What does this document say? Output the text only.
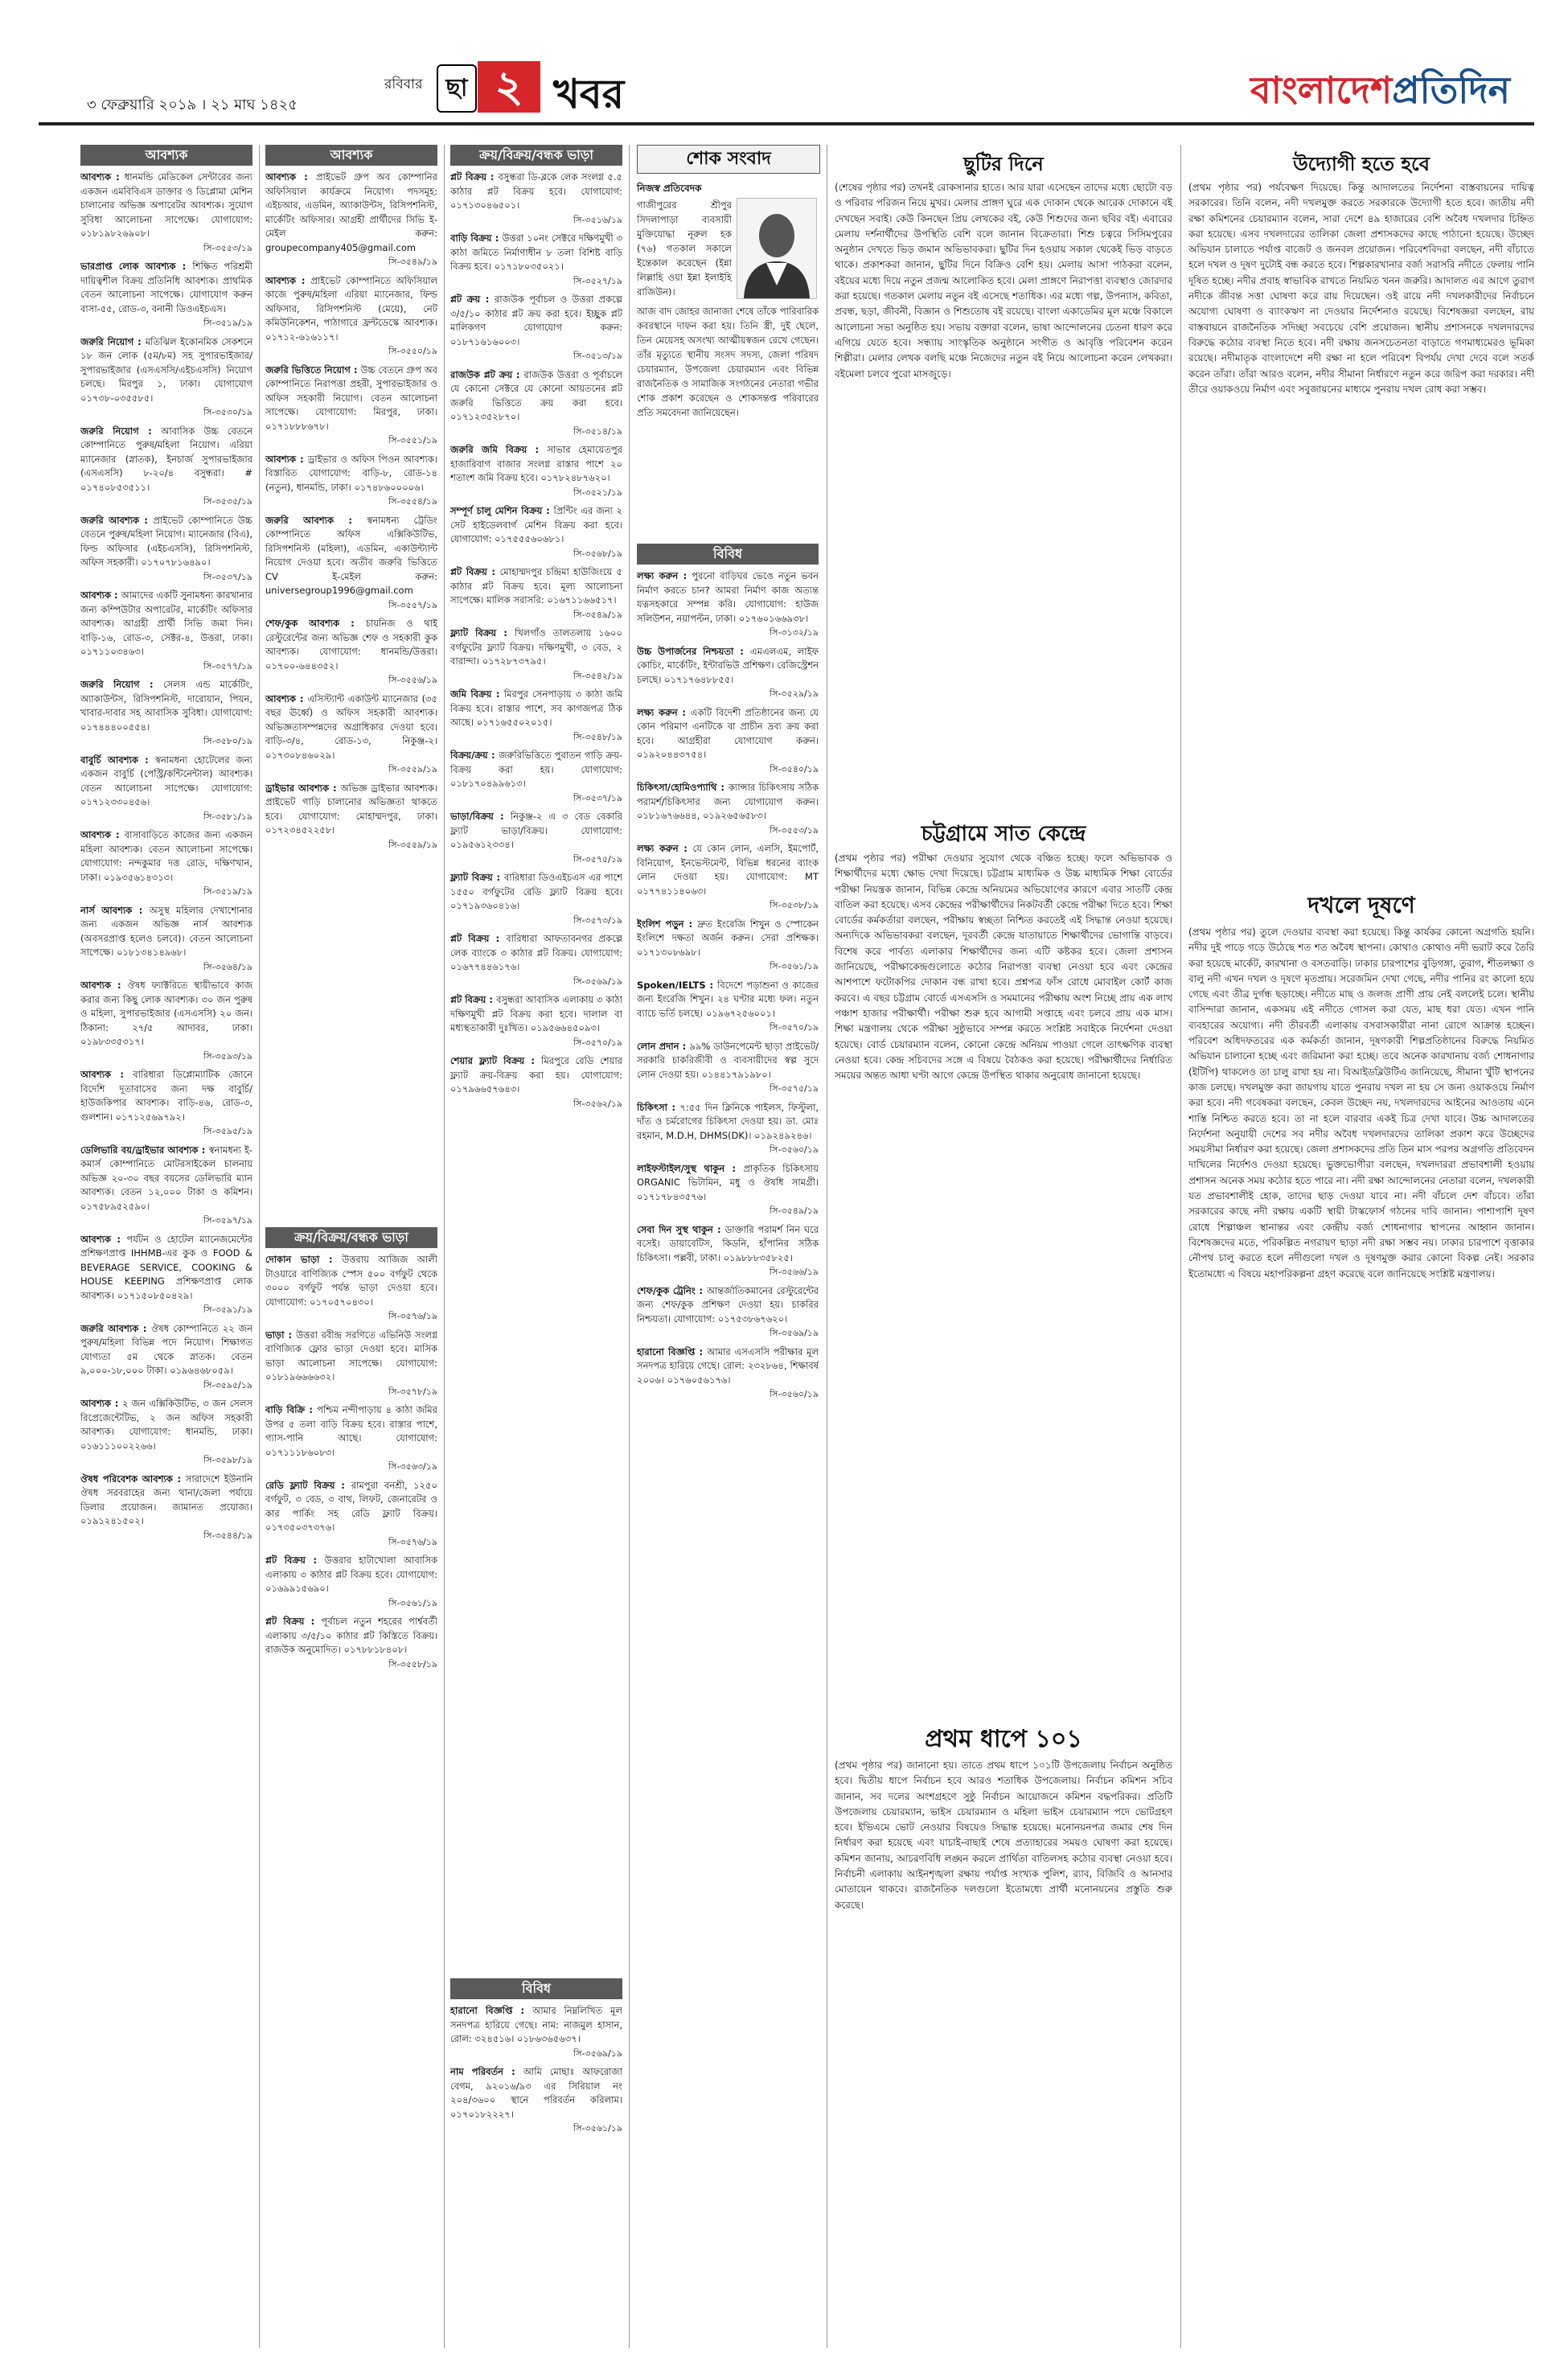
৩ ফেব্রুয়ারি ২০১৯ । ২১ মাঘ ১৪২৫
রবিবার ছা ২ খবর	বাংলাদেশপ্রতিদিন
আবশ্যক
আবশ্যক : ধানমন্ডি মেডিকেল সেন্টারের জন্য একজন এমবিবিএস ডাক্তার ও ডিপ্লোমা মেশিন চালানোর অভিজ্ঞ অপারেটর আবশ্যক। সুযোগ সুবিধা আলোচনা সাপেক্ষে। যোগাযোগ: ০১৮১৯৮২৬৯০৮।
সি-৩৫৫৩/১৯
ভারপ্রাপ্ত লোক আবশ্যক : শিক্ষিত পরিশ্রমী দায়িত্বশীল বিক্রয় প্রতিনিধি আবশ্যক। প্রাথমিক বেতন আলোচনা সাপেক্ষে। যোগাযোগ করুন বাসা-৫৫, রোড-৩, বনানী ডিওএইচএস।
সি-৩৫১৯/১৯
জরুরি নিয়োগ : মতিঝিল ইকোনমিক সেকশনে ১৮ জন লোক (৫ম/৮ম) সহ সুপারভাইজার/সুপারভাইজার (এসএসসি/এইচএসসি) নিয়োগ চলছে। মিরপুর ১, ঢাকা। যোগাযোগ ০১৭৩৮-০৩৫৫৮৫।
সি-৩৫৩০/১৯
জরুরি নিয়োগ : আবাসিক উচ্চ বেতনে কোম্পানিতে পুরুষ/মহিলা নিয়োগ। এরিয়া ম্যানেজার (স্নাতক), ইনচার্জ সুপারভাইজার (এসএসসি) ৮-২০/৪ বসুন্ধরা। # ০১৭৪০৮৫৩৫১১।
সি-৩৫৩৫/১৯
জরুরি আবশ্যক : প্রাইভেট কোম্পানিতে উচ্চ বেতনে পুরুষ/মহিলা নিয়োগ। ম্যানেজার (বিএ), ফিল্ড অফিসার (এইচএসসি), রিসিপশনিস্ট, অফিস সহকারী। ০১৭০৭৮১৬৪৯০।
সি-৩৫৩৭/১৯
আবশ্যক : আমাদের একটি সুনামধন্য কারখানার জন্য কম্পিউটার অপারেটর, মার্কেটিং অফিসার আবশ্যক। আগ্রহী প্রার্থী সিভি জমা দিন। বাড়ি-১৬, রোড-৩, সেক্টর-৪, উত্তরা, ঢাকা। ০১৭১১০৩৪৬৩।
সি-৩৫৭৭/১৯
জরুরি নিয়োগ : সেলস এন্ড মার্কেটিং, অ্যাকাউন্টস, রিসিপশনিস্ট, দারোয়ান, পিয়ন, খাবার-দাবার সহ আবাসিক সুবিধা। যোগাযোগ: ০১৭৪৪৪০০৫৫৪।
সি-৩৫৮০/১৯
বাবুর্চি আবশ্যক : স্বনামধন্য হোটেলের জন্য একজন বাবুর্চি (পেস্ট্রি/কন্টিনেন্টাল) আবশ্যক। বেতন আলোচনা সাপেক্ষে। যোগাযোগ: ০১৭১২৩৩০৪৫৬।
সি-৩৫৮১/১৯
আবশ্যক : বাসাবাড়িতে কাজের জন্য একজন মহিলা আবশ্যক। বেতন আলোচনা সাপেক্ষে। যোগাযোগ: নন্দকুমার দত্ত রোড, দক্ষিণখান, ঢাকা। ০১৯৩৫৬১৪৩১৩।
সি-৩৫১৯/১৯
নার্স আবশ্যক : অসুস্থ মহিলার দেখাশোনার জন্য একজন অভিজ্ঞ নার্স আবশ্যক (অবসরপ্রাপ্ত হলেও চলবে)। বেতন আলোচনা সাপেক্ষে। ০১৮১৩৪১৪৯৬৮।
সি-৩৫৬৪/১৯
আবশ্যক : ঔষধ ফ্যাক্টরিতে স্থায়ীভাবে কাজ করার জন্য কিছু লোক আবশ্যক। ৩০ জন পুরুষ ও মহিলা, সুপারভাইজার (এসএসসি) ২০ জন। ঠিকানা: ২৭/৫ আদাবর, ঢাকা। ০১৯৮৩৩৫৩১৭।
সি-৩৫৯৩/১৯
আবশ্যক : বারিধারা ডিপ্লোম্যাটিক জোনে বিদেশি দূতাবাসের জন্য দক্ষ বাবুর্চি/হাউজকিপার আবশ্যক। বাড়ি-৪৬, রোড-৩, গুলশান। ০১৭১২৫৬৯৭৯২।
সি-৩৫৯৫/১৯
ডেলিভারি বয়/ড্রাইভার আবশ্যক : স্বনামধন্য ই-কমার্স কোম্পানিতে মোটরসাইকেল চালনায় অভিজ্ঞ ২০-৩০ বছর বয়সের ডেলিভারি ম্যান আবশ্যক। বেতন ১২,০০০ টাকা ও কমিশন। ০১৭৫৮৯৫২৫৯০।
সি-৩৫৯৭/১৯
আবশ্যক : পর্যটন ও হোটেল ম্যানেজমেন্টের প্রশিক্ষণপ্রাপ্ত IHHMB-এর কুক ও FOOD & BEVERAGE SERVICE, COOKING & HOUSE KEEPING প্রশিক্ষণপ্রাপ্ত লোক আবশ্যক। ০১৭১৫০৮৫০৪২৯।
সি-৩৫৯১/১৯
জরুরি আবশ্যক : ঔষধ কোম্পানিতে ২২ জন পুরুষ/মহিলা বিভিন্ন পদে নিয়োগ। শিক্ষাগত যোগ্যতা ৫ম থেকে স্নাতক। বেতন ৯,০০০-১৮,০০০ টাকা। ০১৯৬৪৬৮০৫৯।
সি-৩৫৯৫/১৯
আবশ্যক : ২ জন এক্সিকিউটিভ, ৩ জন সেলস রিপ্রেজেন্টেটিভ, ২ জন অফিস সহকারী আবশ্যক। যোগাযোগ: ধানমন্ডি, ঢাকা। ০১৬১১১০০২২৬৬।
সি-৩৫৯৮/১৯
ঔষধ পরিবেশক আবশ্যক : সারাদেশে ইউনানি ঔষধ সরবরাহের জন্য থানা/জেলা পর্যায়ে ডিলার প্রয়োজন। জামানত প্রযোজ্য। ০১৯১২৪১৫০২।
সি-৩৫৪৪/১৯
আবশ্যক
আবশ্যক : প্রাইভেট গ্রুপ অব কোম্পানির অফিসিয়াল কার্যক্রমে নিয়োগ। পদসমূহ: এইচআর, এডমিন, অ্যাকাউন্টস, রিসিপশনিস্ট, মার্কেটিং অফিসার। আগ্রহী প্রার্থীদের সিভি ই-মেইল করুন: groupecompany405@gmail.com
সি-৩৫৪৯/১৯
আবশ্যক : প্রাইভেট কোম্পানিতে অফিসিয়াল কাজে পুরুষ/মহিলা এরিয়া ম্যানেজার, ফিল্ড অফিসার, রিসিপশনিস্ট (মেয়ে), নেট কমিউনিকেশন, পাঠাগারে ফ্রন্টডেস্কে আবশ্যক। ০১৭১২-৬১৬১১৭।
সি-৩৫৫০/১৯
জরুরি ভিত্তিতে নিয়োগ : উচ্চ বেতনে গ্রুপ অব কোম্পানিতে নিরাপত্তা প্রহরী, সুপারভাইজার ও অফিস সহকারী নিয়োগ। বেতন আলোচনা সাপেক্ষে। যোগাযোগ: মিরপুর, ঢাকা। ০১৭১৮৮৮৬৭৮।
সি-৩৫৫১/১৯
আবশ্যক : ড্রাইভার ও অফিস পিওন আবশ্যক। বিস্তারিত যোগাযোগ: বাড়ি-৮, রোড-১৪ (নতুন), ধানমন্ডি, ঢাকা। ০১৭৪৮৬০০০০৬।
সি-৩৫৫৪/১৯
জরুরি আবশ্যক : স্বনামধন্য ট্রেডিং কোম্পানিতে অফিস এক্সিকিউটিভ, রিসিপশনিস্ট (মহিলা), এডমিন, একাউন্ট্যান্ট নিয়োগ দেওয়া হবে। অতীব জরুরি ভিত্তিতে CV ই-মেইল করুন: universegroup1996@gmail.com
সি-৩৫৫৭/১৯
শেফ/কুক আবশ্যক : চায়নিজ ও থাই রেস্টুরেন্টের জন্য অভিজ্ঞ শেফ ও সহকারী কুক আবশ্যক। যোগাযোগ: ধানমন্ডি/উত্তরা। ০১৭০০-৬৪৪৩৫২।
সি-৩৫৫৬/১৯
আবশ্যক : এসিস্ট্যান্ট একাউন্ট ম্যানেজার (৩৫ বছর ঊর্ধ্বে) ও অফিস সহকারী আবশ্যক। অভিজ্ঞতাসম্পন্নদের অগ্রাধিকার দেওয়া হবে। বাড়ি-৩/৪, রোড-১৩, নিকুঞ্জ-২। ০১৭৩০৮৪৬০২৯।
সি-৩৫৫৯/১৯
ড্রাইভার আবশ্যক : অভিজ্ঞ ড্রাইভার আবশ্যক। প্রাইভেট গাড়ি চালানোর অভিজ্ঞতা থাকতে হবে। যোগাযোগ: মোহাম্মদপুর, ঢাকা। ০১৭২৩৪৫২২৫৮।
সি-৩৫৫৯/১৯
ক্রয়/বিক্রয়/বন্ধক ভাড়া
দোকান ভাড়া : উত্তরায় আজিজ আলী টাওয়ারে বাণিজ্যিক স্পেস ৫০০ বর্গফুট থেকে ৩০০০ বর্গফুট পর্যন্ত ভাড়া দেওয়া হবে। যোগাযোগ: ০১৭০৫৭০৪৩০।
সি-৩৫৭৬/১৯
ভাড়া : উত্তরা রবীন্দ্র সরণিতে এভিনিউ সংলগ্ন বাণিজ্যিক ফ্লোর ভাড়া দেওয়া হবে। মাসিক ভাড়া আলোচনা সাপেক্ষে। যোগাযোগ: ০১৮১৯৬৬৬৬৩২।
সি-৩৫৭৮/১৯
বাড়ি বিক্রি : পশ্চিম নন্দীপাড়ায় ৪ কাঠা জমির উপর ৫ তলা বাড়ি বিক্রয় হবে। রাস্তার পাশে, গ্যাস-পানি আছে। যোগাযোগ: ০১৭১১১৮৬০৮৩।
সি-৩৫৬৩/১৯
রেডি ফ্ল্যাট বিক্রয় : রামপুরা বনশ্রী, ১২৫০ বর্গফুট, ৩ বেড, ৩ বাথ, লিফট, জেনারেটর ও কার পার্কিং সহ রেডি ফ্ল্যাট বিক্রয়। ০১৭৩৫০৩৭৩৭৬।
সি-৩৫৭৬/১৯
প্লট বিক্রয় : উত্তরার হাটাখোলা আবাসিক এলাকায় ৩ কাঠার প্লট বিক্রয় হবে। যোগাযোগ: ০১৬৯৯১৫৬৯০।
সি-৩৫৬১/১৯
প্লট বিক্রয় : পূর্বাচল নতুন শহরের পার্শ্ববর্তী এলাকায় ৩/৫/১০ কাঠার প্লট কিস্তিতে বিক্রয়। রাজউক অনুমোদিত। ০১৭৮৮১৮৪০৮।
সি-৩৫৫৮/১৯
ক্রয়/বিক্রয়/বন্ধক ভাড়া
প্লট বিক্রয় : বসুন্ধরা ডি-ব্লকে লেক সংলগ্ন ৫.৫ কাঠার প্লট বিক্রয় হবে। যোগাযোগ: ০১৭১৩০৪৬৫০১।
সি-৩৫১৬/১৯
বাড়ি বিক্রয় : উত্তরা ১০নং সেক্টরে দক্ষিণমুখী ৩ কাঠা জমিতে নির্মাণাধীন ৮ তলা বিশিষ্ট বাড়ি বিক্রয় হবে। ০১৭১৮০৩৫০২১।
সি-৩৫২৭/১৯
প্লট ক্রয় : রাজউক পূর্বাচল ও উত্তরা প্রকল্পে ৩/৫/১০ কাঠার প্লট ক্রয় করা হবে। ইচ্ছুক প্লট মালিকগণ যোগাযোগ করুন: ০১৮৭১৬১৬০০৩।
সি-৩৫১৩/১৯
রাজউক প্লট ক্রয় : রাজউক উত্তরা ও পূর্বাচলে যে কোনো সেক্টরে যে কোনো আয়তনের প্লট জরুরি ভিত্তিতে ক্রয় করা হবে। ০১৭১২৩৫২৮৭০।
সি-৩৫১৪/১৯
জরুরি জমি বিক্রয় : সাভার হেমায়েতপুর হাজারিবাগ বাজার সংলগ্ন রাস্তার পাশে ২০ শতাংশ জমি বিক্রয় হবে। ০১৭৮২৪৮৭৬২০।
সি-৩৫২১/১৯
সম্পূর্ণ চালু মেশিন বিক্রয় : প্রিন্টিং এর জন্য ২ সেট হাইডেলবার্গ মেশিন বিক্রয় করা হবে। যোগাযোগ: ০১৭৫৫৫৬০৬৮১।
সি-৩৫৬৮/১৯
প্লট বিক্রয় : মোহাম্মদপুর চন্দ্রিমা হাউজিংয়ে ৫ কাঠার প্লট বিক্রয় হবে। মূল্য আলোচনা সাপেক্ষে। মালিক সরাসরি: ০১৬৭১১৬৬৫১৭।
সি-৩৫৪৯/১৯
ফ্ল্যাট বিক্রয় : খিলগাঁও তালতলায় ১৬০০ বর্গফুটের ফ্ল্যাট বিক্রয়। দক্ষিণমুখী, ৩ বেড, ২ বারান্দা। ০১৭২৮৭৩৭৯৫।
সি-৩৫৪২/১৯
জমি বিক্রয় : মিরপুর সেনপাড়ায় ৩ কাঠা জমি বিক্রয় হবে। রাস্তার পাশে, সব কাগজপত্র ঠিক আছে। ০১৭১৬৫৫০২০১৫।
সি-৩৫৪৮/১৯
বিক্রয়/ক্রয় : জরুরিভিত্তিতে পুরাতন গাড়ি ক্রয়-বিক্রয় করা হয়। যোগাযোগ: ০১৮১৭০৪৯৯৬১৩।
সি-৩৫৩৭/১৯
ভাড়া/বিক্রয় : নিকুঞ্জ-২ এ ৩ বেড বেকারি ফ্ল্যাট ভাড়া/বিক্রয়। যোগাযোগ: ০১৯৫৬১২৩৩৪।
সি-৩৫৭৫/১৯
ফ্ল্যাট বিক্রয় : বারিধারা ডিওএইচএস এর পাশে ১৫৫০ বর্গফুটের রেডি ফ্ল্যাট বিক্রয় হবে। ০১৭১৯৩৬০৪১৬।
সি-৩৫৭৩/১৯
প্লট বিক্রয় : বারিধারা আফতাবনগর প্রকল্পে লেক ব্যাংকে ৩ কাঠার প্লট বিক্রয়। যোগাযোগ: ০১৬৭৭৪৪৬১৭৬।
সি-৩৫৬৯/১৯
প্লট বিক্রয় : বসুন্ধরা আবাসিক এলাকায় ৩ কাঠা দক্ষিণমুখী প্লট বিক্রয় করা হবে। দালাল বা মধ্যস্থতাকারী দুঃখিত। ০১৯৫৬৬৪৫০৯৩।
সি-৩৫৭০/১৯
শেয়ার ফ্ল্যাট বিক্রয় : মিরপুরে রেডি শেয়ার ফ্ল্যাট ক্রয়-বিক্রয় করা হয়। যোগাযোগ: ০১৭৯৬৬৫৭৬৪৩।
সি-৩৫৬২/১৯
বিবিধ
হারানো বিজ্ঞপ্তি : আমার নিম্নলিখিত মূল সনদপত্র হারিয়ে গেছে। নাম: নাজমুল হাসান, রোল: ৩২৪৫১৬। ০১৮৬৩৬৫৬৩৭।
সি-৩৫৬৯/১৯
নাম পরিবর্তন : আমি মোছাঃ আফরোজা বেগম, ৯২০১৬/৯৩ এর সিরিয়াল নং ২০৪/৩৬০০ স্থানে পরিবর্তন করিলাম। ০১৭০১৮২২২৭।
সি-৩৫৬১/১৯
শোক সংবাদ
নিজস্ব প্রতিবেদক
গাজীপুরের শ্রীপুর সিদলাপাড়া ব্যবসায়ী মুক্তিযোদ্ধা নূরুল হক (৭৬) গতকাল সকালে ইন্তেকাল করেছেন (ইন্না লিল্লাহি ওয়া ইন্না ইলাইহি রাজিউন)।
আজ বাদ জোহর জানাজা শেষে তাঁকে পারিবারিক কবরস্থানে দাফন করা হয়। তিনি স্ত্রী, দুই ছেলে, তিন মেয়েসহ অসংখ্য আত্মীয়স্বজন রেখে গেছেন। তাঁর মৃত্যুতে স্থানীয় সংসদ সদস্য, জেলা পরিষদ চেয়ারম্যান, উপজেলা চেয়ারম্যান এবং বিভিন্ন রাজনৈতিক ও সামাজিক সংগঠনের নেতারা গভীর শোক প্রকাশ করেছেন ও শোকসন্তপ্ত পরিবারের প্রতি সমবেদনা জানিয়েছেন।
বিবিধ
লক্ষ্য করুন : পুরনো বাড়িঘর ভেঙে নতুন ভবন নির্মাণ করতে চান? আমরা নির্মাণ কাজ অত্যন্ত যত্নসহকারে সম্পন্ন করি। যোগাযোগ: হাউজ সলিউশন, নয়াপল্টন, ঢাকা। ০১৭৬০১৬৬৯৩৮।
সি-৩১৩২/১৯
উচ্চ উপার্জনের নিশ্চয়তা : এমএলএম, লাইফ কোচিং, মার্কেটিং, ইন্টারভিউ প্রশিক্ষণ। রেজিস্ট্রেশন চলছে। ০১৭১৭৬৪৮৮৫৫।
সি-৩৫২৯/১৯
লক্ষ্য করুন : একটি বিদেশী প্রতিষ্ঠানের জন্য যে কোন পরিমাণ এনটিকে বা প্রাচীন দ্রব্য ক্রয় করা হবে। আগ্রহীরা যোগাযোগ করুন। ০১৯২০৪৪৩৭৫৪।
সি-৩৫৪০/১৯
চিকিৎসা/হোমিওপ্যাথি : ক্যান্সার চিকিৎসায় সঠিক পরামর্শ/চিকিৎসার জন্য যোগাযোগ করুন। ০১৮১৬৭৬৬৪৪, ০১৯২৬৫৬৫৮৩।
সি-৩৫৫৩/১৯
লক্ষ্য করুন : যে কোন লোন, এলসি, ইমপোর্ট, বিনিয়োগ, ইনভেস্টমেন্ট, বিভিন্ন ধরনের ব্যাংক লোন দেওয়া হয়। যোগাযোগ: MT ০১৭৭৪১১৪০৬৩।
সি-৩৫৩৮/১৯
ইংলিশ পড়ুন : দ্রুত ইংরেজি শিখুন ও স্পোকেন ইংলিশে দক্ষতা অর্জন করুন। সেরা প্রশিক্ষক। ০১৭১৩০৮৬৯৮।
সি-৩৫৬১/১৯
Spoken/IELTS : বিদেশে পড়াশুনা ও কাজের জন্য ইংরেজি শিখুন। ২৪ ঘণ্টার মধ্যে ফল। নতুন ব্যাচে ভর্তি চলছে। ০১৯৬৭২৫৬০০১।
সি-৩৫৭০/১৯
লোন প্রদান : ৯৯% ডাউনপেমেন্ট ছাড়া প্রাইভেট/সরকারি চাকরিজীবী ও ব্যবসায়ীদের স্বল্প সুদে লোন দেওয়া হয়। ০১৪৪১৭৯১৯৮০।
সি-৩৫৭৫/১৯
চিকিৎসা : ৭:৫৫ দিন ক্লিনিকে পাইলস, ফিস্টুলা, দাঁত ও চর্মরোগের চিকিৎসা দেওয়া হয়। ডা. মোঃ রহমান, M.D.H, DHMS(DK)। ০১৯২৪৯২৪৬।
সি-৩৫৬০/১৯
লাইফস্টাইল/সুস্থ থাকুন : প্রাকৃতিক চিকিৎসায় ORGANIC ভিটামিন, মধু ও ঔষধি সামগ্রী। ০১৭১৭৮৪৩৫৭৬।
সি-৩৫৪৯/১৯
সেবা দিন সুস্থ থাকুন : ডাক্তারি পরামর্শ নিন ঘরে বসেই। ডায়াবেটিস, কিডনি, হাঁপানির সঠিক চিকিৎসা। পল্লবী, ঢাকা। ০১৯৮৮৮৩৫৮২৫।
সি-৩৫৬৬/১৯
শেফ/কুক ট্রেনিং : আন্তর্জাতিকমানের রেস্টুরেন্টের জন্য শেফ/কুক প্রশিক্ষণ দেওয়া হয়। চাকরির নিশ্চয়তা। যোগাযোগ: ০১৭৫৩৮৬৭৬২০।
সি-৩৫৬৯/১৯
হারানো বিজ্ঞপ্তি : আমার এসএসসি পরীক্ষার মূল সনদপত্র হারিয়ে গেছে। রোল: ২৩২৮৬৪, শিক্ষাবর্ষ ২০০৬। ০১৭৬০৫৬১৭৬।
সি-৩৫৬০/১৯
ছুটির দিনে
(শেষের পৃষ্ঠার পর) তখনই রোকসানার হাতে। আর যারা এসেছেন তাদের মধ্যে ছোটো বড় ও পরিবার পরিজন নিয়ে মুখর। মেলার প্রাঙ্গণ ঘুরে এক দোকান থেকে আরেক দোকানে বই দেখছেন সবাই। কেউ কিনছেন প্রিয় লেখকের বই, কেউ শিশুদের জন্য ছবির বই। এবারের মেলায় দর্শনার্থীদের উপস্থিতি বেশি বলে জানান বিক্রেতারা। শিশু চত্বরে সিসিমপুরের অনুষ্ঠান দেখতে ভিড় জমান অভিভাবকরা। ছুটির দিন হওয়ায় সকাল থেকেই ভিড় বাড়তে থাকে। প্রকাশকরা জানান, ছুটির দিনে বিক্রিও বেশি হয়। মেলায় আসা পাঠকরা বলেন, বইয়ের মধ্যে দিয়ে নতুন প্রজন্ম আলোকিত হবে। মেলা প্রাঙ্গণে নিরাপত্তা ব্যবস্থাও জোরদার করা হয়েছে। গতকাল মেলায় নতুন বই এসেছে শতাধিক। এর মধ্যে গল্প, উপন্যাস, কবিতা, প্রবন্ধ, ছড়া, জীবনী, বিজ্ঞান ও শিশুতোষ বই রয়েছে। বাংলা একাডেমির মূল মঞ্চে বিকালে আলোচনা সভা অনুষ্ঠিত হয়। সভায় বক্তারা বলেন, ভাষা আন্দোলনের চেতনা ধারণ করে এগিয়ে যেতে হবে। সন্ধ্যায় সাংস্কৃতিক অনুষ্ঠানে সংগীত ও আবৃত্তি পরিবেশন করেন শিল্পীরা। মেলার লেখক বলছি মঞ্চে নিজেদের নতুন বই নিয়ে আলোচনা করেন লেখকরা। বইমেলা চলবে পুরো মাসজুড়ে।
চট্টগ্রামে সাত কেন্দ্রে
(প্রথম পৃষ্ঠার পর) পরীক্ষা দেওয়ার সুযোগ থেকে বঞ্চিত হচ্ছে। ফলে অভিভাবক ও শিক্ষার্থীদের মধ্যে ক্ষোভ দেখা দিয়েছে। চট্টগ্রাম মাধ্যমিক ও উচ্চ মাধ্যমিক শিক্ষা বোর্ডের পরীক্ষা নিয়ন্ত্রক জানান, বিভিন্ন কেন্দ্রে অনিয়মের অভিযোগের কারণে এবার সাতটি কেন্দ্র বাতিল করা হয়েছে। এসব কেন্দ্রের পরীক্ষার্থীদের নিকটবর্তী কেন্দ্রে পরীক্ষা দিতে হবে। শিক্ষা বোর্ডের কর্মকর্তারা বলছেন, পরীক্ষায় স্বচ্ছতা নিশ্চিত করতেই এই সিদ্ধান্ত নেওয়া হয়েছে। অন্যদিকে অভিভাবকরা বলছেন, দূরবর্তী কেন্দ্রে যাতায়াতে শিক্ষার্থীদের ভোগান্তি বাড়বে। বিশেষ করে পার্বত্য এলাকার শিক্ষার্থীদের জন্য এটি কষ্টকর হবে। জেলা প্রশাসন জানিয়েছে, পরীক্ষাকেন্দ্রগুলোতে কঠোর নিরাপত্তা ব্যবস্থা নেওয়া হবে এবং কেন্দ্রের আশপাশে ফটোকপির দোকান বন্ধ রাখা হবে। প্রশ্নপত্র ফাঁস রোধে মোবাইল কোর্ট কাজ করবে। এ বছর চট্টগ্রাম বোর্ডে এসএসসি ও সমমানের পরীক্ষায় অংশ নিচ্ছে প্রায় এক লাখ পঞ্চাশ হাজার পরীক্ষার্থী। পরীক্ষা শুরু হবে আগামী সপ্তাহে এবং চলবে প্রায় এক মাস। শিক্ষা মন্ত্রণালয় থেকে পরীক্ষা সুষ্ঠুভাবে সম্পন্ন করতে সংশ্লিষ্ট সবাইকে নির্দেশনা দেওয়া হয়েছে। বোর্ড চেয়ারম্যান বলেন, কোনো কেন্দ্রে অনিয়ম পাওয়া গেলে তাৎক্ষণিক ব্যবস্থা নেওয়া হবে। কেন্দ্র সচিবদের সঙ্গে এ বিষয়ে বৈঠকও করা হয়েছে। পরীক্ষার্থীদের নির্ধারিত সময়ের অন্তত আধা ঘণ্টা আগে কেন্দ্রে উপস্থিত থাকার অনুরোধ জানানো হয়েছে।
প্রথম ধাপে ১০১
(প্রথম পৃষ্ঠার পর) জানানো হয়। তাতে প্রথম ধাপে ১০১টি উপজেলায় নির্বাচন অনুষ্ঠিত হবে। দ্বিতীয় ধাপে নির্বাচন হবে আরও শতাধিক উপজেলায়। নির্বাচন কমিশন সচিব জানান, সব দলের অংশগ্রহণে সুষ্ঠু নির্বাচন আয়োজনে কমিশন বদ্ধপরিকর। প্রতিটি উপজেলায় চেয়ারম্যান, ভাইস চেয়ারম্যান ও মহিলা ভাইস চেয়ারম্যান পদে ভোটগ্রহণ হবে। ইভিএমে ভোট নেওয়ার বিষয়েও সিদ্ধান্ত হয়েছে। মনোনয়নপত্র জমার শেষ দিন নির্ধারণ করা হয়েছে এবং যাচাই-বাছাই শেষে প্রত্যাহারের সময়ও ঘোষণা করা হয়েছে। কমিশন জানায়, আচরণবিধি লঙ্ঘন করলে প্রার্থিতা বাতিলসহ কঠোর ব্যবস্থা নেওয়া হবে। নির্বাচনী এলাকায় আইনশৃঙ্খলা রক্ষায় পর্যাপ্ত সংখ্যক পুলিশ, র‌্যাব, বিজিবি ও আনসার মোতায়েন থাকবে। রাজনৈতিক দলগুলো ইতোমধ্যে প্রার্থী মনোনয়নের প্রস্তুতি শুরু করেছে।
উদ্যোগী হতে হবে
(প্রথম পৃষ্ঠার পর) পর্যবেক্ষণ দিয়েছে। কিন্তু আদালতের নির্দেশনা বাস্তবায়নের দায়িত্ব সরকারের। তিনি বলেন, নদী দখলমুক্ত করতে সরকারকে উদ্যোগী হতে হবে। জাতীয় নদী রক্ষা কমিশনের চেয়ারম্যান বলেন, সারা দেশে ৪৯ হাজারের বেশি অবৈধ দখলদার চিহ্নিত করা হয়েছে। এসব দখলদারের তালিকা জেলা প্রশাসকদের কাছে পাঠানো হয়েছে। উচ্ছেদ অভিযান চালাতে পর্যাপ্ত বাজেট ও জনবল প্রয়োজন। পরিবেশবিদরা বলছেন, নদী বাঁচাতে হলে দখল ও দূষণ দুটোই বন্ধ করতে হবে। শিল্পকারখানার বর্জ্য সরাসরি নদীতে ফেলায় পানি দূষিত হচ্ছে। নদীর প্রবাহ স্বাভাবিক রাখতে নিয়মিত খনন জরুরি। আদালত এর আগে তুরাগ নদীকে জীবন্ত সত্তা ঘোষণা করে রায় দিয়েছেন। ওই রায়ে নদী দখলকারীদের নির্বাচনে অযোগ্য ঘোষণা ও ব্যাংকঋণ না দেওয়ার নির্দেশনাও রয়েছে। বিশেষজ্ঞরা বলছেন, রায় বাস্তবায়নে রাজনৈতিক সদিচ্ছা সবচেয়ে বেশি প্রয়োজন। স্থানীয় প্রশাসনকে দখলদারদের বিরুদ্ধে কঠোর ব্যবস্থা নিতে হবে। নদী রক্ষায় জনসচেতনতা বাড়াতে গণমাধ্যমেরও ভূমিকা রয়েছে। নদীমাতৃক বাংলাদেশে নদী রক্ষা না হলে পরিবেশ বিপর্যয় দেখা দেবে বলে সতর্ক করেন তাঁরা। তাঁরা আরও বলেন, নদীর সীমানা নির্ধারণে নতুন করে জরিপ করা দরকার। নদী তীরে ওয়াকওয়ে নির্মাণ এবং সবুজায়নের মাধ্যমে পুনরায় দখল রোধ করা সম্ভব।
দখলে দূষণে
(প্রথম পৃষ্ঠার পর) তুলে দেওয়ার ব্যবস্থা করা হয়েছে। কিন্তু কার্যকর কোনো অগ্রগতি হয়নি। নদীর দুই পাড়ে গড়ে উঠেছে শত শত অবৈধ স্থাপনা। কোথাও কোথাও নদী ভরাট করে তৈরি করা হয়েছে মার্কেট, কারখানা ও বসতবাড়ি। ঢাকার চারপাশের বুড়িগঙ্গা, তুরাগ, শীতলক্ষ্যা ও বালু নদী এখন দখল ও দূষণে মৃতপ্রায়। সরেজমিন দেখা গেছে, নদীর পানির রং কালো হয়ে গেছে এবং তীব্র দুর্গন্ধ ছড়াচ্ছে। নদীতে মাছ ও জলজ প্রাণী প্রায় নেই বললেই চলে। স্থানীয় বাসিন্দারা জানান, একসময় এই নদীতে গোসল করা যেত, মাছ ধরা যেত। এখন পানি ব্যবহারের অযোগ্য। নদী তীরবর্তী এলাকায় বসবাসকারীরা নানা রোগে আক্রান্ত হচ্ছেন। পরিবেশ অধিদফতরের এক কর্মকর্তা জানান, দূষণকারী শিল্পপ্রতিষ্ঠানের বিরুদ্ধে নিয়মিত অভিযান চালানো হচ্ছে এবং জরিমানা করা হচ্ছে। তবে অনেক কারখানায় বর্জ্য শোধনাগার (ইটিপি) থাকলেও তা চালু রাখা হয় না। বিআইডব্লিউটিএ জানিয়েছে, সীমানা খুঁটি স্থাপনের কাজ চলছে। দখলমুক্ত করা জায়গায় যাতে পুনরায় দখল না হয় সে জন্য ওয়াকওয়ে নির্মাণ করা হবে। নদী গবেষকরা বলছেন, কেবল উচ্ছেদ নয়, দখলদারদের আইনের আওতায় এনে শাস্তি নিশ্চিত করতে হবে। তা না হলে বারবার একই চিত্র দেখা যাবে। উচ্চ আদালতের নির্দেশনা অনুযায়ী দেশের সব নদীর অবৈধ দখলদারদের তালিকা প্রকাশ করে উচ্ছেদের সময়সীমা নির্ধারণ করা হয়েছে। জেলা প্রশাসকদের প্রতি তিন মাস পরপর অগ্রগতি প্রতিবেদন দাখিলের নির্দেশও দেওয়া হয়েছে। ভুক্তভোগীরা বলছেন, দখলদাররা প্রভাবশালী হওয়ায় প্রশাসন অনেক সময় কঠোর হতে পারে না। নদী রক্ষা আন্দোলনের নেতারা বলেন, দখলকারী যত প্রভাবশালীই হোক, তাদের ছাড় দেওয়া যাবে না। নদী বাঁচলে দেশ বাঁচবে। তাঁরা সরকারের কাছে নদী রক্ষায় একটি স্থায়ী টাস্কফোর্স গঠনের দাবি জানান। পাশাপাশি দূষণ রোধে শিল্পাঞ্চল স্থানান্তর এবং কেন্দ্রীয় বর্জ্য শোধনাগার স্থাপনের আহ্বান জানান। বিশেষজ্ঞদের মতে, পরিকল্পিত নগরায়ণ ছাড়া নদী রক্ষা সম্ভব নয়। ঢাকার চারপাশে বৃত্তাকার নৌপথ চালু করতে হলে নদীগুলো দখল ও দূষণমুক্ত করার কোনো বিকল্প নেই। সরকার ইতোমধ্যে এ বিষয়ে মহাপরিকল্পনা গ্রহণ করেছে বলে জানিয়েছে সংশ্লিষ্ট মন্ত্রণালয়।
